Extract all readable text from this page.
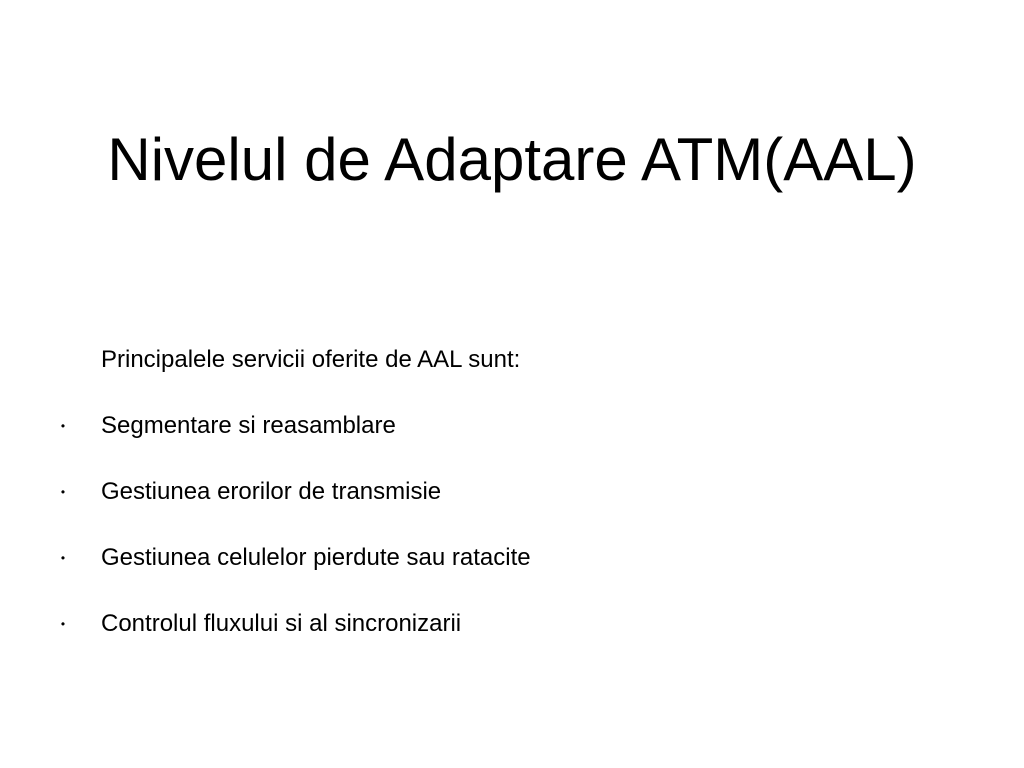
Nivelul de Adaptare ATM(AAL)
Principalele servicii oferite de AAL sunt:
• Segmentare si reasamblare
• Gestiunea erorilor de transmisie
• Gestiunea celulelor pierdute sau ratacite
• Controlul fluxului si al sincronizarii
